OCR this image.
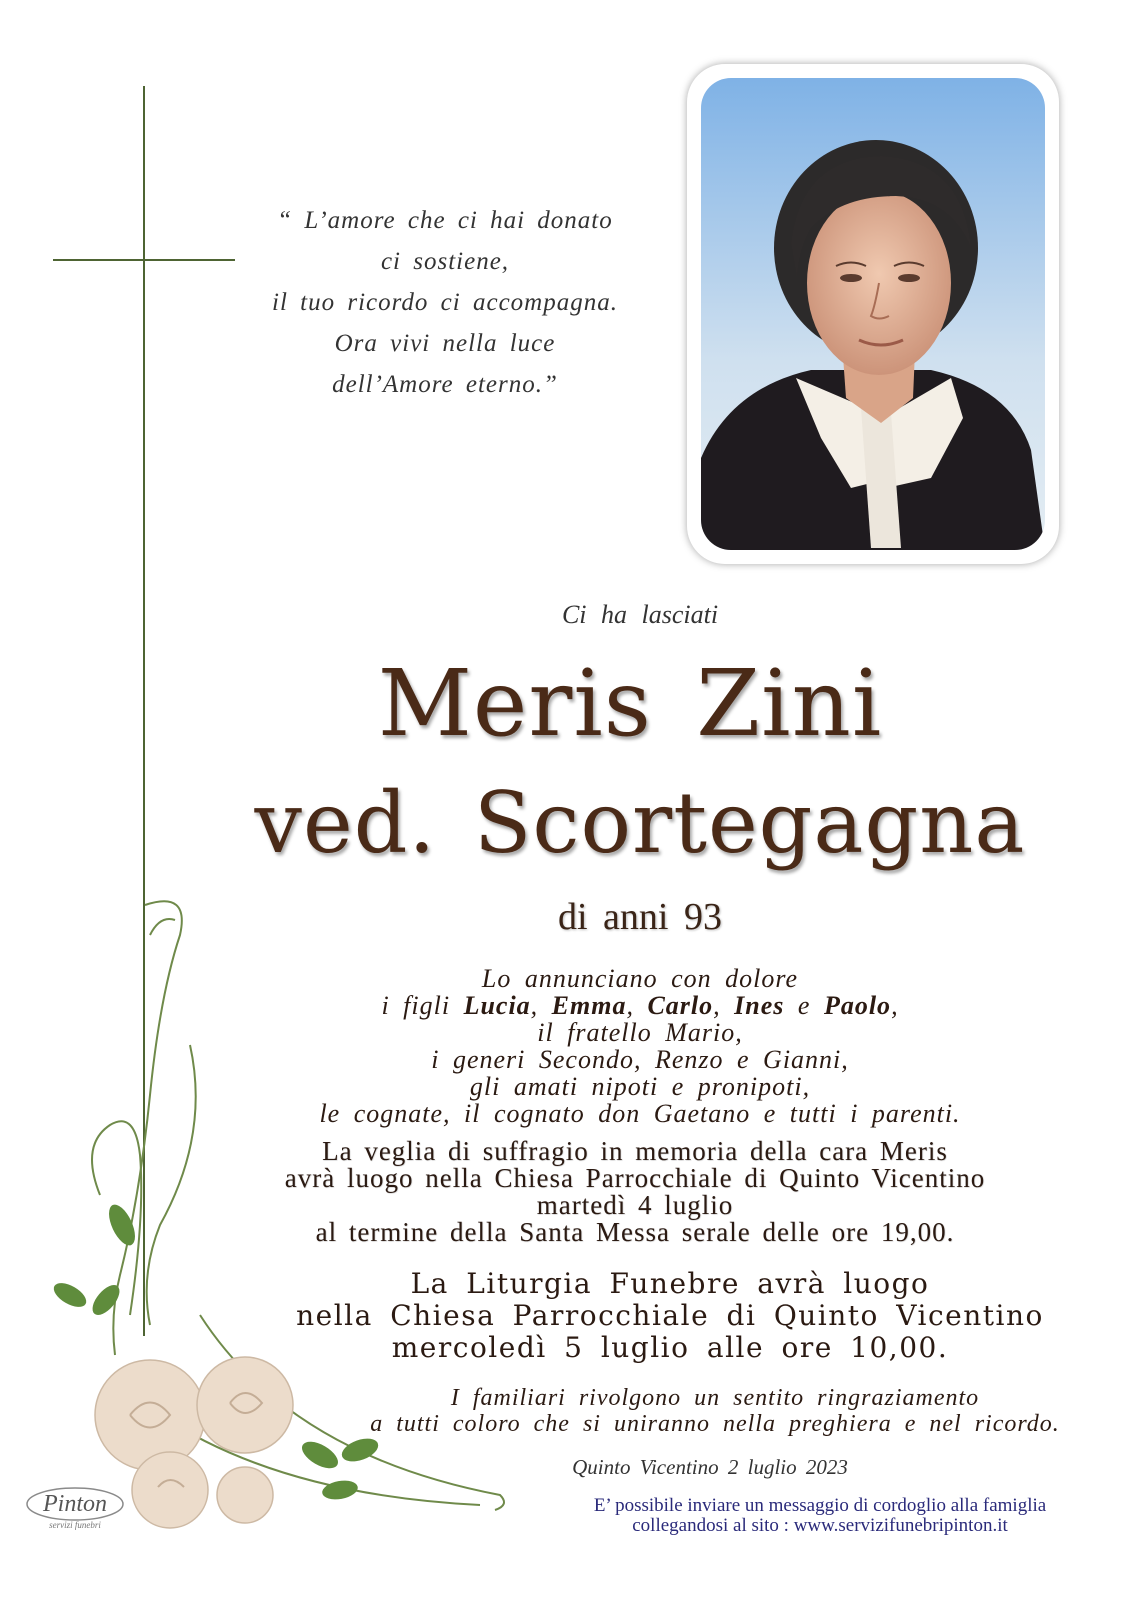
“ L’amore che ci hai donato
ci sostiene,
il tuo ricordo ci accompagna.
Ora vivi nella luce
dell’Amore eterno.”
Ci ha lasciati
Meris Zini
ved. Scortegagna
di anni 93
Lo annunciano con dolore
i figli Lucia, Emma, Carlo, Ines e Paolo,
il fratello Mario,
i generi Secondo, Renzo e Gianni,
gli amati nipoti e pronipoti,
le cognate, il cognato don Gaetano e tutti i parenti.
La veglia di suffragio in memoria della cara Meris
avrà luogo nella Chiesa Parrocchiale di Quinto Vicentino
martedì 4 luglio
al termine della Santa Messa serale delle ore 19,00.
La Liturgia Funebre avrà luogo
nella Chiesa Parrocchiale di Quinto Vicentino
mercoledì 5 luglio alle ore 10,00.
I familiari rivolgono un sentito ringraziamento
a tutti coloro che si uniranno nella preghiera e nel ricordo.
Quinto Vicentino 2 luglio 2023
E’ possibile inviare un messaggio di cordoglio alla famiglia
collegandosi al sito : www.servizifunebripinton.it
Pinton
servizi funebri
